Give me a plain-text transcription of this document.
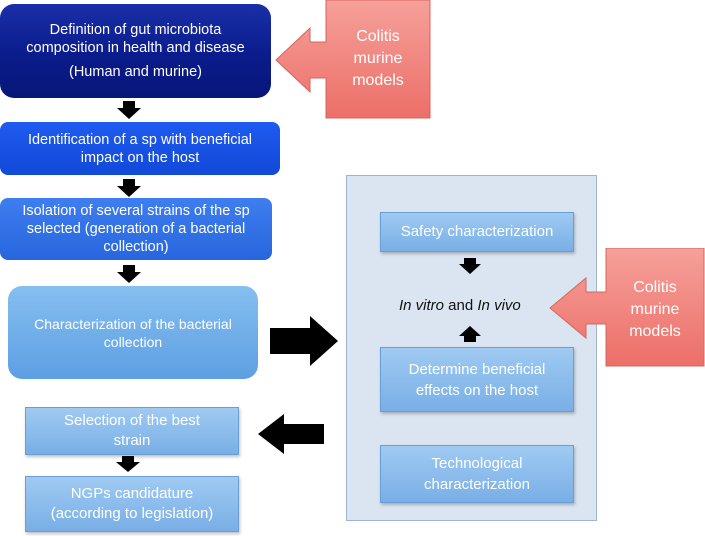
Definition of gut microbiota
composition in health and disease
(Human and murine)
Colitis
murine
models
Identification of a sp with beneficial
impact on the host
Isolation of several strains of the sp
selected (generation of a bacterial
collection)
Characterization of the bacterial
collection
Safety characterization
In vitro and In vivo
Determine beneficial
effects on the host
Technological
characterization
Colitis
murine
models
Selection of the best
strain
NGPs candidature
(according to legislation)
